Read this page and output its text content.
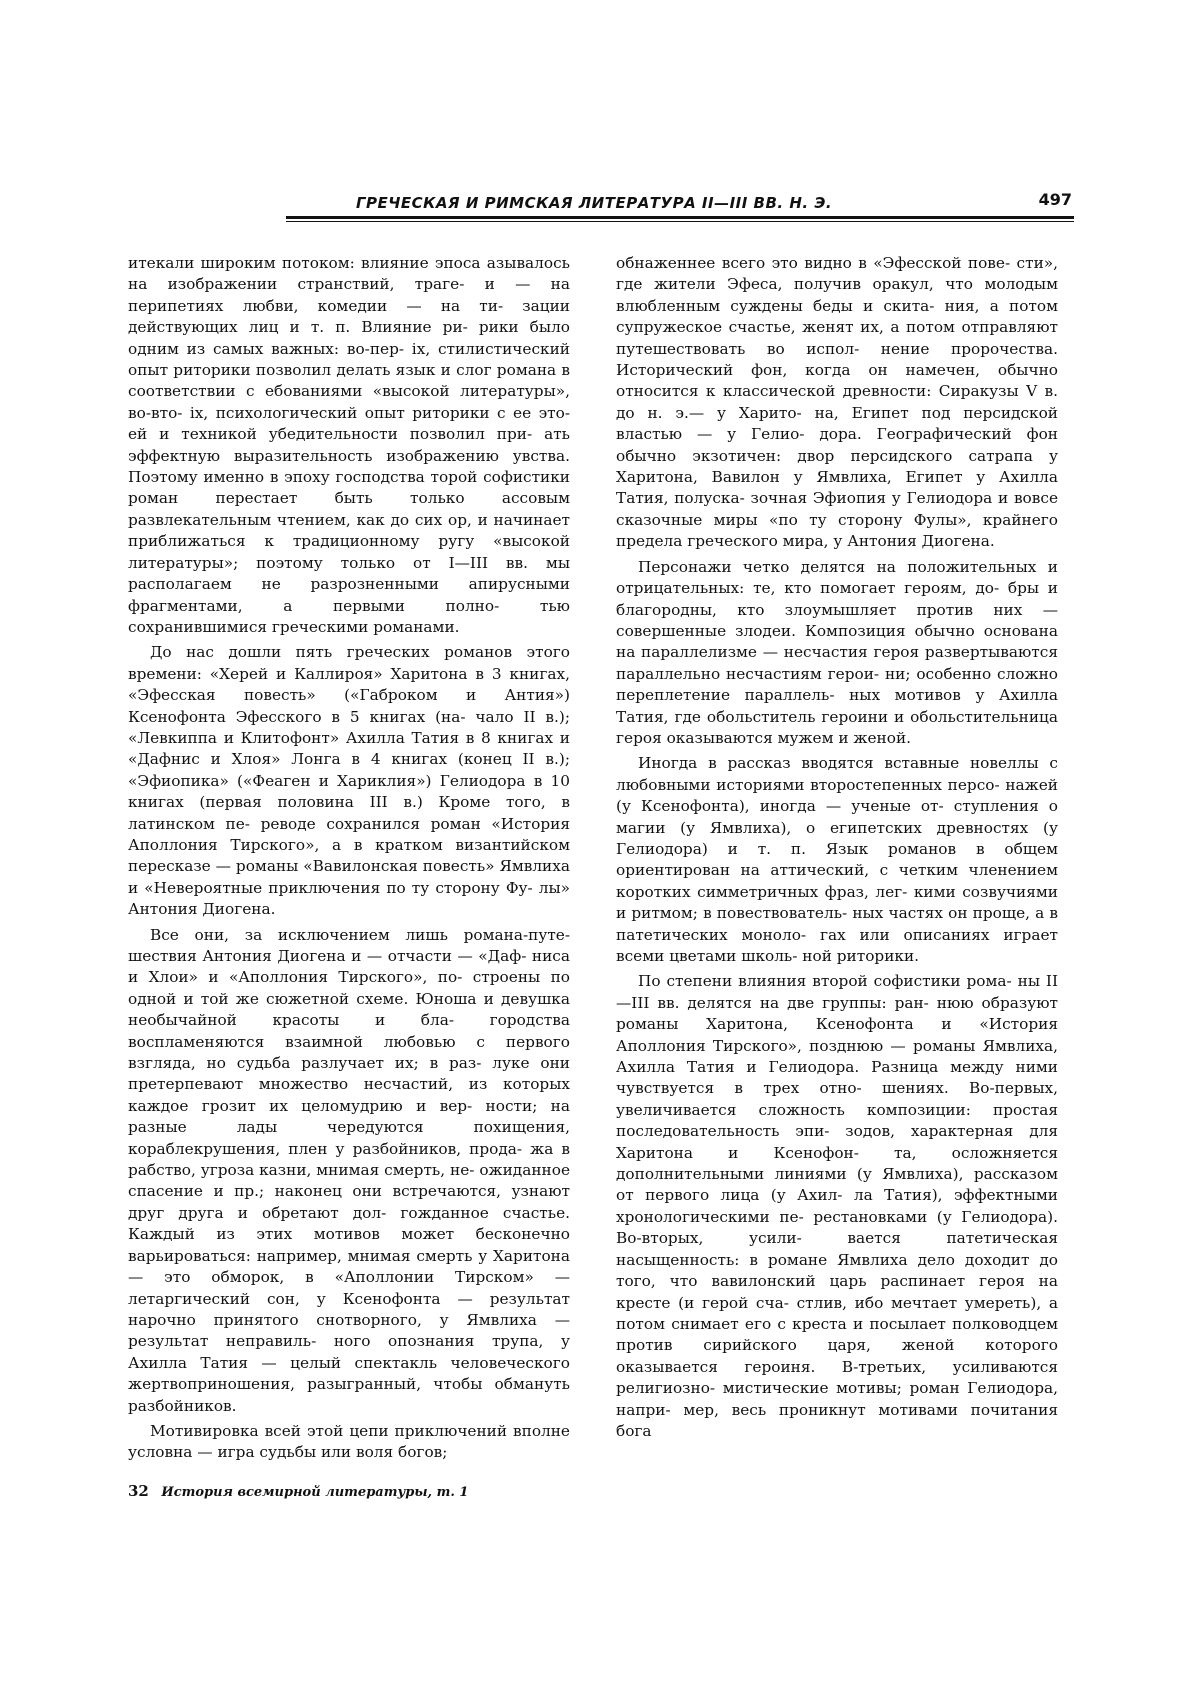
ГРЕЧЕСКАЯ И РИМСКАЯ ЛИТЕРАТУРА II—III ВВ. Н. Э.	497

итекали широким потоком: влияние эпоса азывалось на изображении странствий, траге- и — на перипетиях любви, комедии — на ти- зации действующих лиц и т. п. Влияние ри- рики было одним из самых важных: во-пер- іх, стилистический опыт риторики позволил делать язык и слог романа в соответствии с ебованиями «высокой литературы», во-вто- іх, психологический опыт риторики с ее это- ей и техникой убедительности позволил при- ать эффектную выразительность изображению увства. Поэтому именно в эпоху господства торой софистики роман перестает быть только ассовым развлекательным чтением, как до сих ор, и начинает приближаться к традиционному ругу «высокой литературы»; поэтому только от I—III вв. мы располагаем не разрозненными апирусными фрагментами, а первыми полно- тью сохранившимися греческими романами.

До нас дошли пять греческих романов этого времени: «Херей и Каллироя» Харитона в 3 книгах, «Эфесская повесть» («Габроком и Антия») Ксенофонта Эфесского в 5 книгах (на- чало II в.); «Левкиппа и Клитофонт» Ахилла Татия в 8 книгах и «Дафнис и Хлоя» Лонга в 4 книгах (конец II в.); «Эфиопика» («Феаген и Хариклия») Гелиодора в 10 книгах (первая половина III в.) Кроме того, в латинском пе- реводе сохранился роман «История Аполлония Тирского», а в кратком византийском пересказе — романы «Вавилонская повесть» Ямвлиха и «Невероятные приключения по ту сторону Фу- лы» Антония Диогена.

Все они, за исключением лишь романа-путе- шествия Антония Диогена и — отчасти — «Даф- ниса и Хлои» и «Аполлония Тирского», по- строены по одной и той же сюжетной схеме. Юноша и девушка необычайной красоты и бла- городства воспламеняются взаимной любовью с первого взгляда, но судьба разлучает их; в раз- луке они претерпевают множество несчастий, из которых каждое грозит их целомудрию и вер- ности; на разные лады чередуются похищения, кораблекрушения, плен у разбойников, прода- жа в рабство, угроза казни, мнимая смерть, не- ожиданное спасение и пр.; наконец они встречаются, узнают друг друга и обретают дол- гожданное счастье. Каждый из этих мотивов может бесконечно варьироваться: например, мнимая смерть у Харитона — это обморок, в «Аполлонии Тирском» — летаргический сон, у Ксенофонта — результат нарочно принятого снотворного, у Ямвлиха — результат неправиль- ного опознания трупа, у Ахилла Татия — целый спектакль человеческого жертвоприношения, разыгранный, чтобы обмануть разбойников.

Мотивировка всей этой цепи приключений вполне условна — игра судьбы или воля богов;

обнаженнее всего это видно в «Эфесской пове- сти», где жители Эфеса, получив оракул, что молодым влюбленным суждены беды и скита- ния, а потом супружеское счастье, женят их, а потом отправляют путешествовать во испол- нение пророчества. Исторический фон, когда он намечен, обычно относится к классической древности: Сиракузы V в. до н. э.— у Харито- на, Египет под персидской властью — у Гелио- дора. Географический фон обычно экзотичен: двор персидского сатрапа у Харитона, Вавилон у Ямвлиха, Египет у Ахилла Татия, полуска- зочная Эфиопия у Гелиодора и вовсе сказочные миры «по ту сторону Фулы», крайнего предела греческого мира, у Антония Диогена.

Персонажи четко делятся на положительных и отрицательных: те, кто помогает героям, до- бры и благородны, кто злоумышляет против них — совершенные злодеи. Композиция обычно основана на параллелизме — несчастия героя развертываются параллельно несчастиям герои- ни; особенно сложно переплетение параллель- ных мотивов у Ахилла Татия, где обольститель героини и обольстительница героя оказываются мужем и женой.

Иногда в рассказ вводятся вставные новеллы с любовными историями второстепенных персо- нажей (у Ксенофонта), иногда — ученые от- ступления о магии (у Ямвлиха), о египетских древностях (у Гелиодора) и т. п. Язык романов в общем ориентирован на аттический, с четким членением коротких симметричных фраз, лег- кими созвучиями и ритмом; в повествователь- ных частях он проще, а в патетических моноло- гах или описаниях играет всеми цветами школь- ной риторики.

По степени влияния второй софистики рома- ны II—III вв. делятся на две группы: ран- нюю образуют романы Харитона, Ксенофонта и «История Аполлония Тирского», позднюю — романы Ямвлиха, Ахилла Татия и Гелиодора. Разница между ними чувствуется в трех отно- шениях. Во-первых, увеличивается сложность композиции: простая последовательность эпи- зодов, характерная для Харитона и Ксенофон- та, осложняется дополнительными линиями (у Ямвлиха), рассказом от первого лица (у Ахил- ла Татия), эффектными хронологическими пе- рестановками (у Гелиодора). Во-вторых, усили- вается патетическая насыщенность: в романе Ямвлиха дело доходит до того, что вавилонский царь распинает героя на кресте (и герой сча- стлив, ибо мечтает умереть), а потом снимает его с креста и посылает полководцем против сирийского царя, женой которого оказывается героиня. В-третьих, усиливаются религиозно- мистические мотивы; роман Гелиодора, напри- мер, весь проникнут мотивами почитания бога

32 История всемирной литературы, т. 1
